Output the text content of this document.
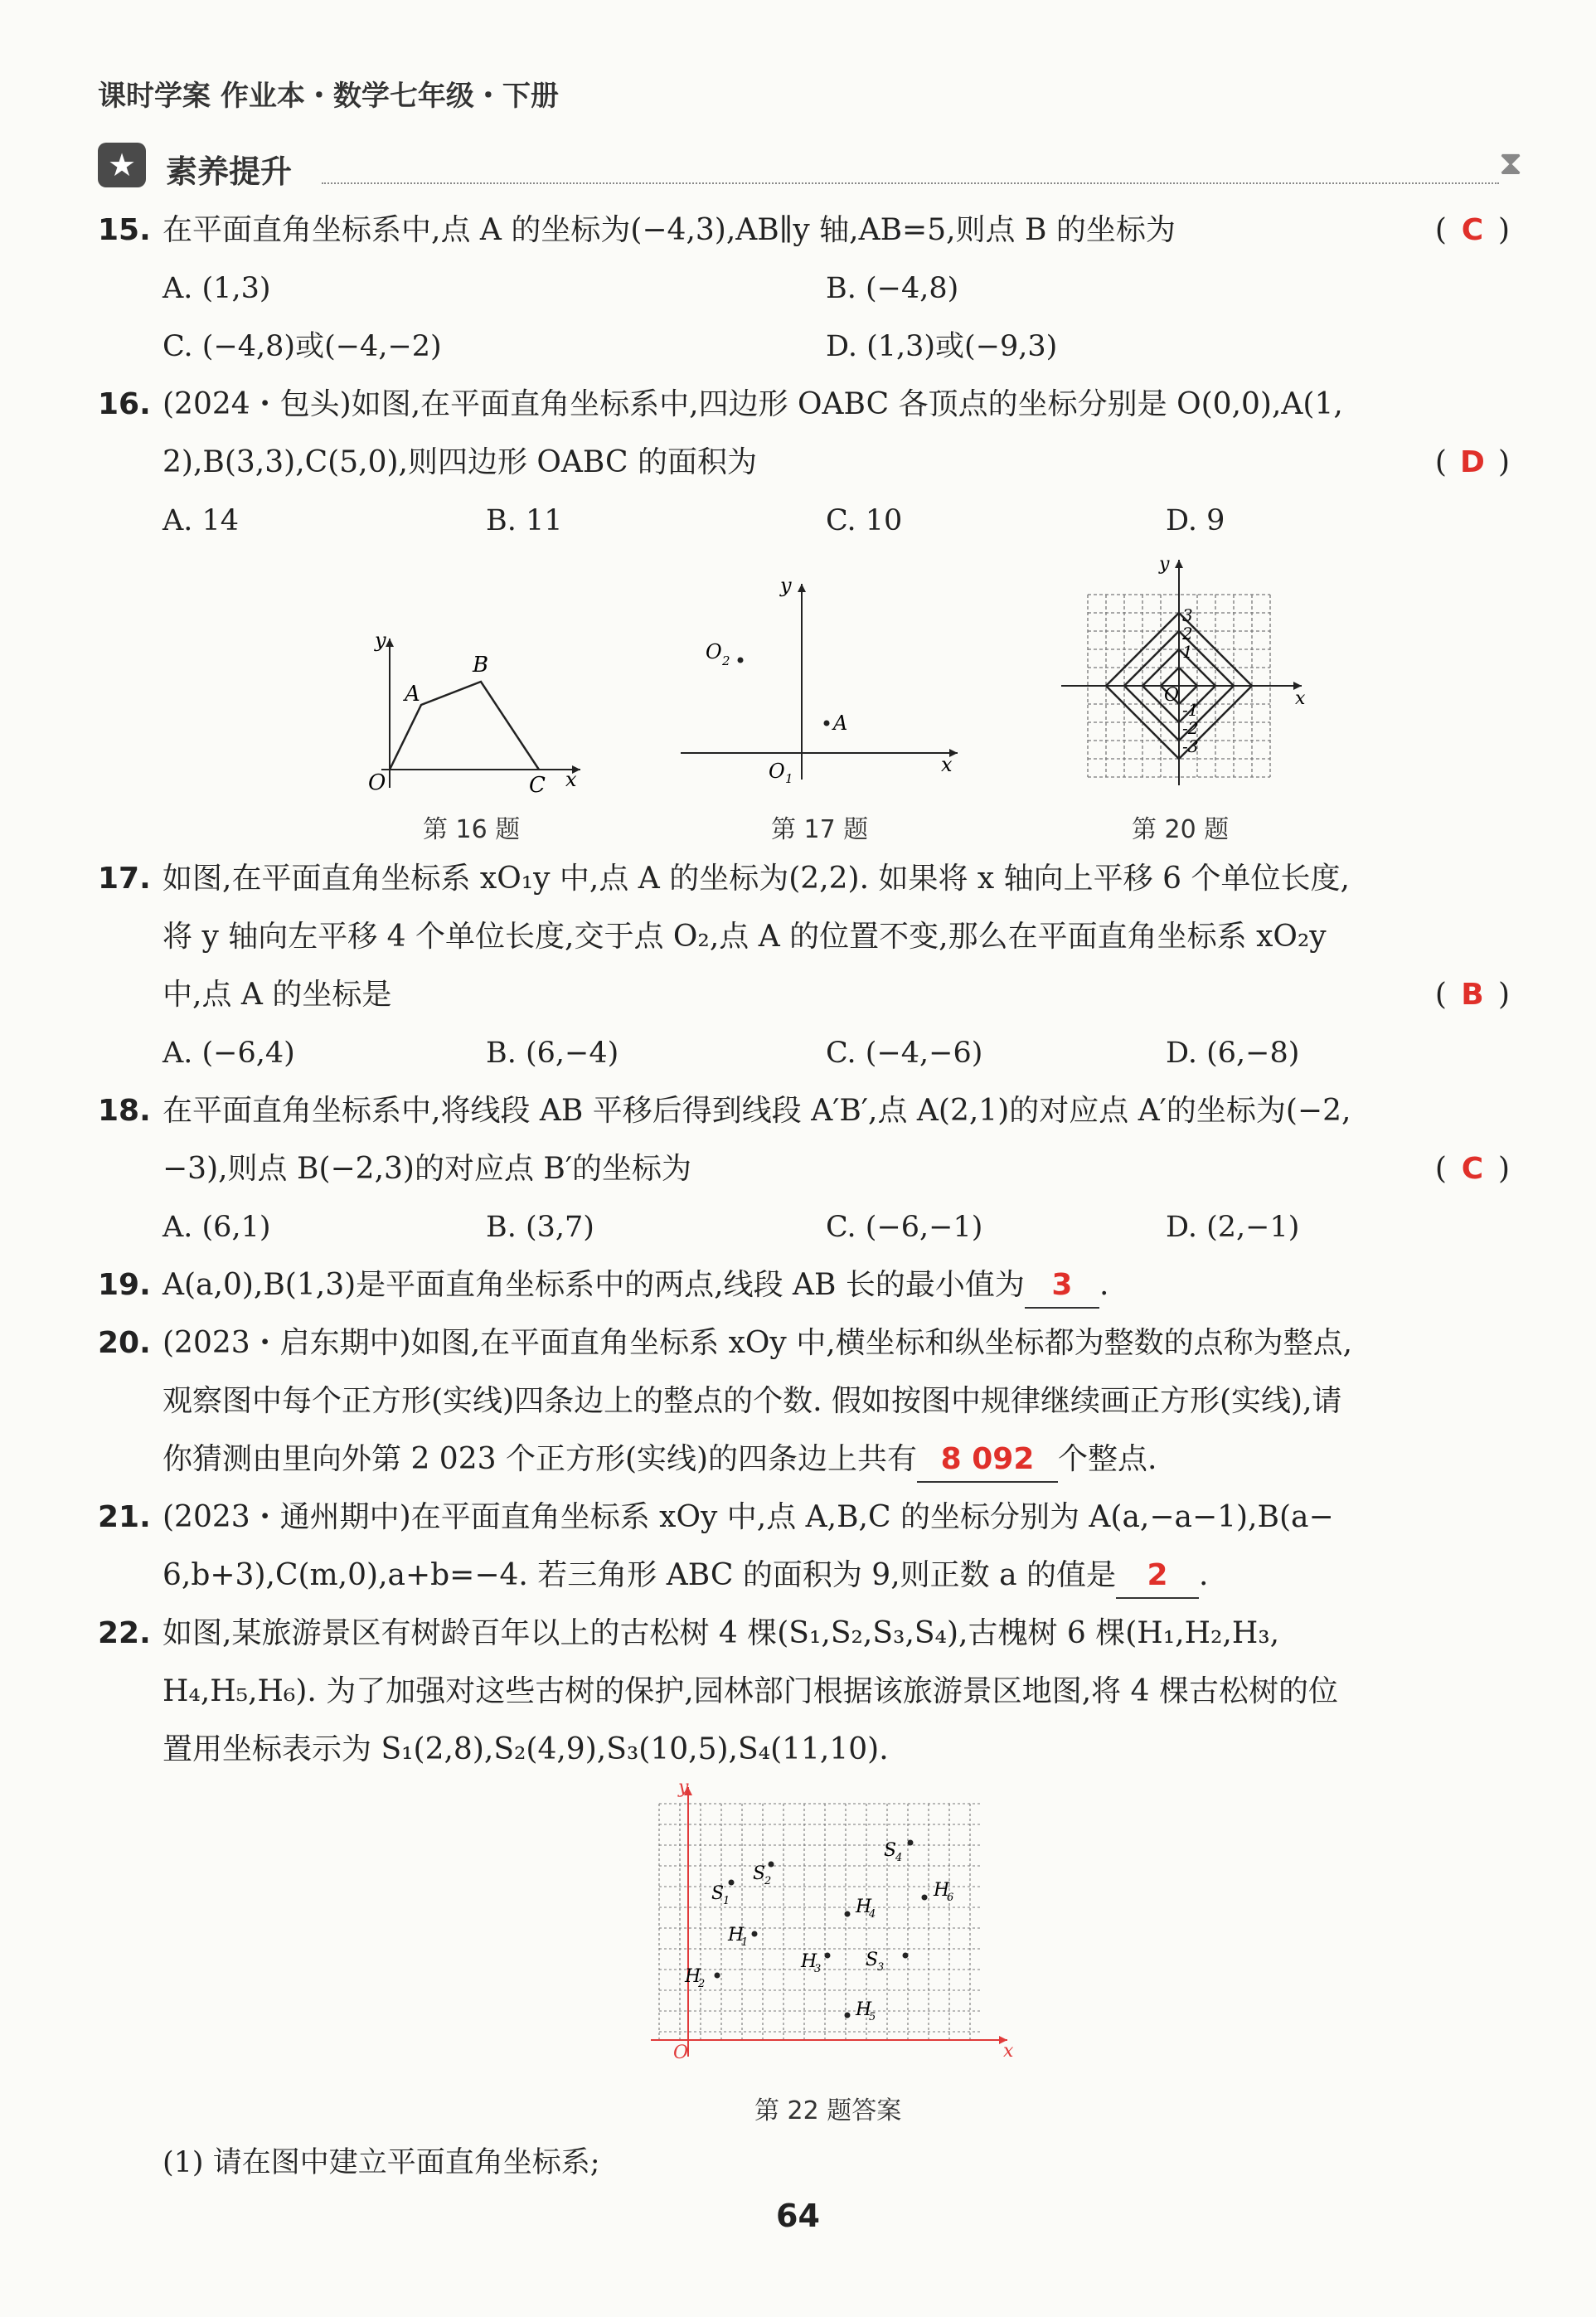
课时学案 作业本・数学七年级・下册
★ 素养提升	⧗
15. 在平面直角坐标系中,点 A 的坐标为(−4,3),AB∥y 轴,AB=5,则点 B 的坐标为	( C )
A. (1,3)	B. (−4,8)
C. (−4,8)或(−4,−2)	D. (1,3)或(−9,3)
16. (2024・包头)如图,在平面直角坐标系中,四边形 OABC 各顶点的坐标分别是 O(0,0),A(1,
2),B(3,3),C(5,0),则四边形 OABC 的面积为	( D )
A. 14	B. 11	C. 10	D. 9
y
x
O
A
B
C
第 16 题
y
x
O 1
O 2
A
第 17 题
y
x
O
3
2
1
-1
-2
-3
第 20 题
17. 如图,在平面直角坐标系 xO₁y 中,点 A 的坐标为(2,2). 如果将 x 轴向上平移 6 个单位长度,
将 y 轴向左平移 4 个单位长度,交于点 O₂,点 A 的位置不变,那么在平面直角坐标系 xO₂y
中,点 A 的坐标是	( B )
A. (−6,4)	B. (6,−4)	C. (−4,−6)	D. (6,−8)
18. 在平面直角坐标系中,将线段 AB 平移后得到线段 A′B′,点 A(2,1)的对应点 A′的坐标为(−2,
−3),则点 B(−2,3)的对应点 B′的坐标为	( C )
A. (6,1)	B. (3,7)	C. (−6,−1)	D. (2,−1)
19. A(a,0),B(1,3)是平面直角坐标系中的两点,线段 AB 长的最小值为 3 .
20. (2023・启东期中)如图,在平面直角坐标系 xOy 中,横坐标和纵坐标都为整数的点称为整点,
观察图中每个正方形(实线)四条边上的整点的个数. 假如按图中规律继续画正方形(实线),请
你猜测由里向外第 2 023 个正方形(实线)的四条边上共有 8 092 个整点.
21. (2023・通州期中)在平面直角坐标系 xOy 中,点 A,B,C 的坐标分别为 A(a,−a−1),B(a−
6,b+3),C(m,0),a+b=−4. 若三角形 ABC 的面积为 9,则正数 a 的值是 2 .
22. 如图,某旅游景区有树龄百年以上的古松树 4 棵(S₁,S₂,S₃,S₄),古槐树 6 棵(H₁,H₂,H₃,
H₄,H₅,H₆). 为了加强对这些古树的保护,园林部门根据该旅游景区地图,将 4 棵古松树的位
置用坐标表示为 S₁(2,8),S₂(4,9),S₃(10,5),S₄(11,10).
y
x
O
S
1
S
2
S
3
S
4
H
1
H
2
H
3
H
4
H
5
H
6
第 22 题答案
(1) 请在图中建立平面直角坐标系;
64
